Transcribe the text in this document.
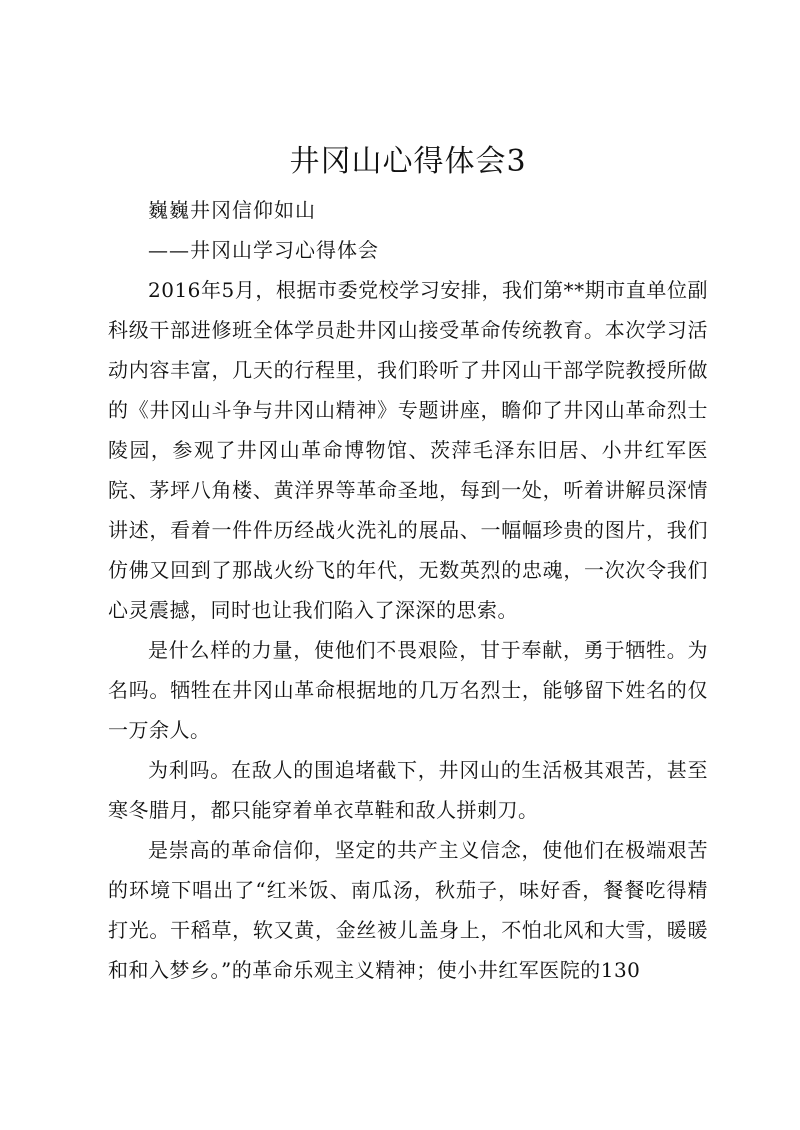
井冈山心得体会3

巍巍井冈信仰如山

——井冈山学习心得体会

2016年5月，根据市委党校学习安排，我们第**期市直单位副科级干部进修班全体学员赴井冈山接受革命传统教育。本次学习活动内容丰富，几天的行程里，我们聆听了井冈山干部学院教授所做的《井冈山斗争与井冈山精神》专题讲座，瞻仰了井冈山革命烈士陵园，参观了井冈山革命博物馆、茨萍毛泽东旧居、小井红军医院、茅坪八角楼、黄洋界等革命圣地，每到一处，听着讲解员深情讲述，看着一件件历经战火洗礼的展品、一幅幅珍贵的图片，我们仿佛又回到了那战火纷飞的年代，无数英烈的忠魂，一次次令我们心灵震撼，同时也让我们陷入了深深的思索。

是什么样的力量，使他们不畏艰险，甘于奉献，勇于牺牲。为名吗。牺牲在井冈山革命根据地的几万名烈士，能够留下姓名的仅一万余人。

为利吗。在敌人的围追堵截下，井冈山的生活极其艰苦，甚至寒冬腊月，都只能穿着单衣草鞋和敌人拼刺刀。

是崇高的革命信仰，坚定的共产主义信念，使他们在极端艰苦的环境下唱出了“红米饭、南瓜汤，秋茄子，味好香，餐餐吃得精打光。干稻草，软又黄，金丝被儿盖身上，不怕北风和大雪，暖暖和和入梦乡。”的革命乐观主义精神；使小井红军医院的130
